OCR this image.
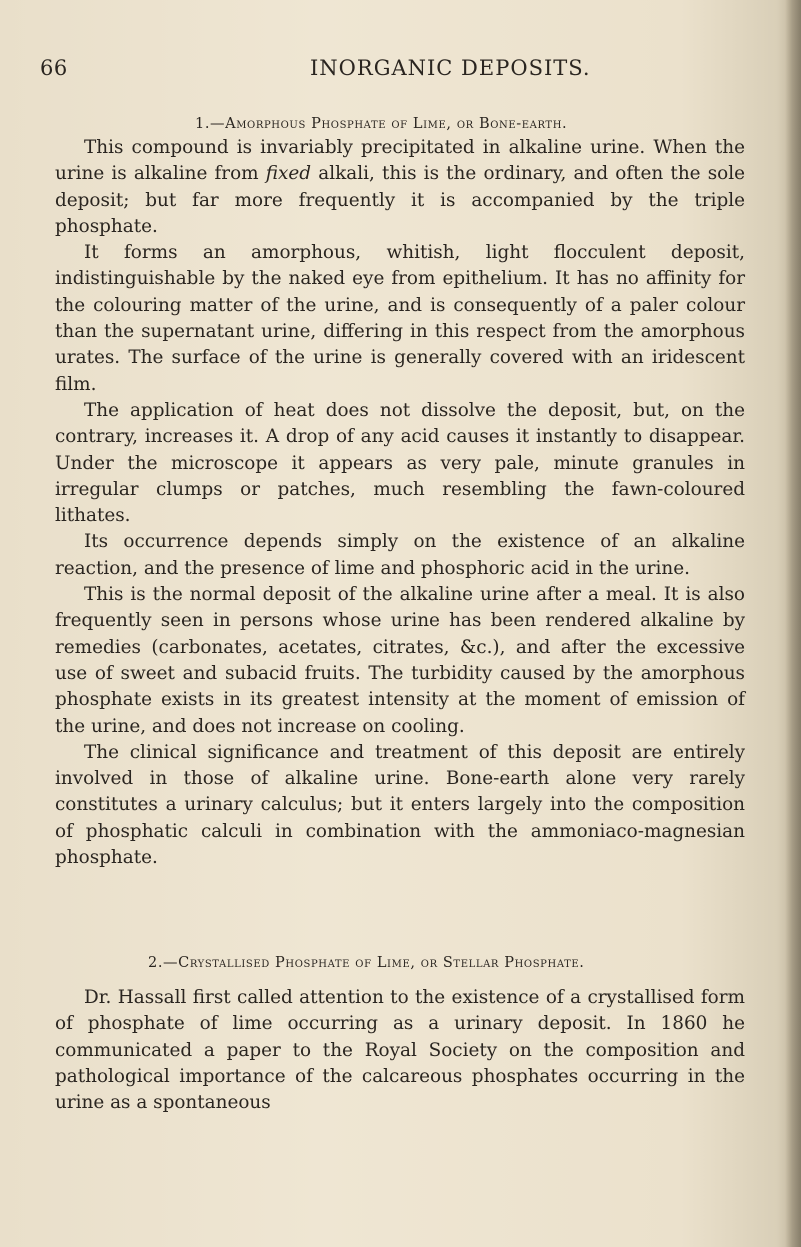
66	INORGANIC DEPOSITS.
1.—Amorphous Phosphate of Lime, or Bone-earth.

This compound is invariably precipitated in alkaline urine. When the urine is alkaline from fixed alkali, this is the ordinary, and often the sole deposit; but far more frequently it is accompanied by the triple phosphate.

It forms an amorphous, whitish, light flocculent deposit, indistinguishable by the naked eye from epithelium. It has no affinity for the colouring matter of the urine, and is consequently of a paler colour than the supernatant urine, differing in this respect from the amorphous urates. The surface of the urine is generally covered with an iridescent film.

The application of heat does not dissolve the deposit, but, on the contrary, increases it. A drop of any acid causes it instantly to disappear. Under the microscope it appears as very pale, minute granules in irregular clumps or patches, much resembling the fawn-coloured lithates.

Its occurrence depends simply on the existence of an alkaline reaction, and the presence of lime and phosphoric acid in the urine.

This is the normal deposit of the alkaline urine after a meal. It is also frequently seen in persons whose urine has been rendered alkaline by remedies (carbonates, acetates, citrates, &c.), and after the excessive use of sweet and subacid fruits. The turbidity caused by the amorphous phosphate exists in its greatest intensity at the moment of emission of the urine, and does not increase on cooling.

The clinical significance and treatment of this deposit are entirely involved in those of alkaline urine. Bone-earth alone very rarely constitutes a urinary calculus; but it enters largely into the composition of phosphatic calculi in combination with the ammoniaco-magnesian phosphate.

2.—Crystallised Phosphate of Lime, or Stellar Phosphate.

Dr. Hassall first called attention to the existence of a crystallised form of phosphate of lime occurring as a urinary deposit. In 1860 he communicated a paper to the Royal Society on the composition and pathological importance of the calcareous phosphates occurring in the urine as a spontaneous
